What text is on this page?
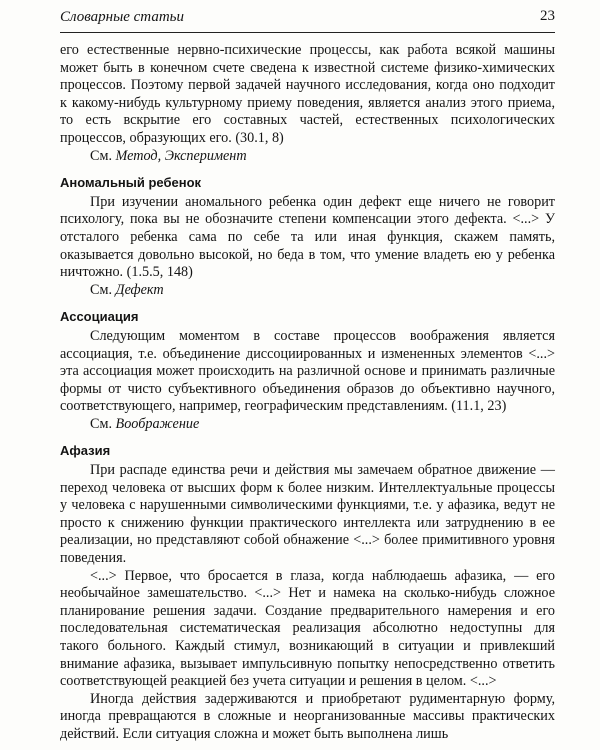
Словарные статьи	23

его естественные нервно-психические процессы, как работа всякой машины может быть в конечном счете сведена к известной системе физико-химических процессов. Поэтому первой задачей научного исследования, когда оно подходит к какому-нибудь культурному приему поведения, является анализ этого приема, то есть вскрытие его составных частей, естественных психологических процессов, образующих его. (30.1, 8)

См. Метод, Эксперимент

Аномальный ребенок

При изучении аномального ребенка один дефект еще ничего не говорит психологу, пока вы не обозначите степени компенсации этого дефекта. <...> У отсталого ребенка сама по себе та или иная функция, скажем память, оказывается довольно высокой, но беда в том, что умение владеть ею у ребенка ничтожно. (1.5.5, 148)

См. Дефект

Ассоциация

Следующим моментом в составе процессов воображения является ассоциация, т.е. объединение диссоциированных и измененных элементов <...> эта ассоциация может происходить на различной основе и принимать различные формы от чисто субъективного объединения образов до объективно научного, соответствующего, например, географическим представлениям. (11.1, 23)

См. Воображение

Афазия

При распаде единства речи и действия мы замечаем обратное движение — переход человека от высших форм к более низким. Интеллектуальные процессы у человека с нарушенными символическими функциями, т.е. у афазика, ведут не просто к снижению функции практического интеллекта или затруднению в ее реализации, но представляют собой обнажение <...> более примитивного уровня поведения.

<...> Первое, что бросается в глаза, когда наблюдаешь афазика, — его необычайное замешательство. <...> Нет и намека на сколько-нибудь сложное планирование решения задачи. Создание предварительного намерения и его последовательная систематическая реализация абсолютно недоступны для такого больного. Каждый стимул, возникающий в ситуации и привлекший внимание афазика, вызывает импульсивную попытку непосредственно ответить соответствующей реакцией без учета ситуации и решения в целом. <...>

Иногда действия задерживаются и приобретают рудиментарную форму, иногда превращаются в сложные и неорганизованные массивы практических действий. Если ситуация сложна и может быть выполнена лишь
